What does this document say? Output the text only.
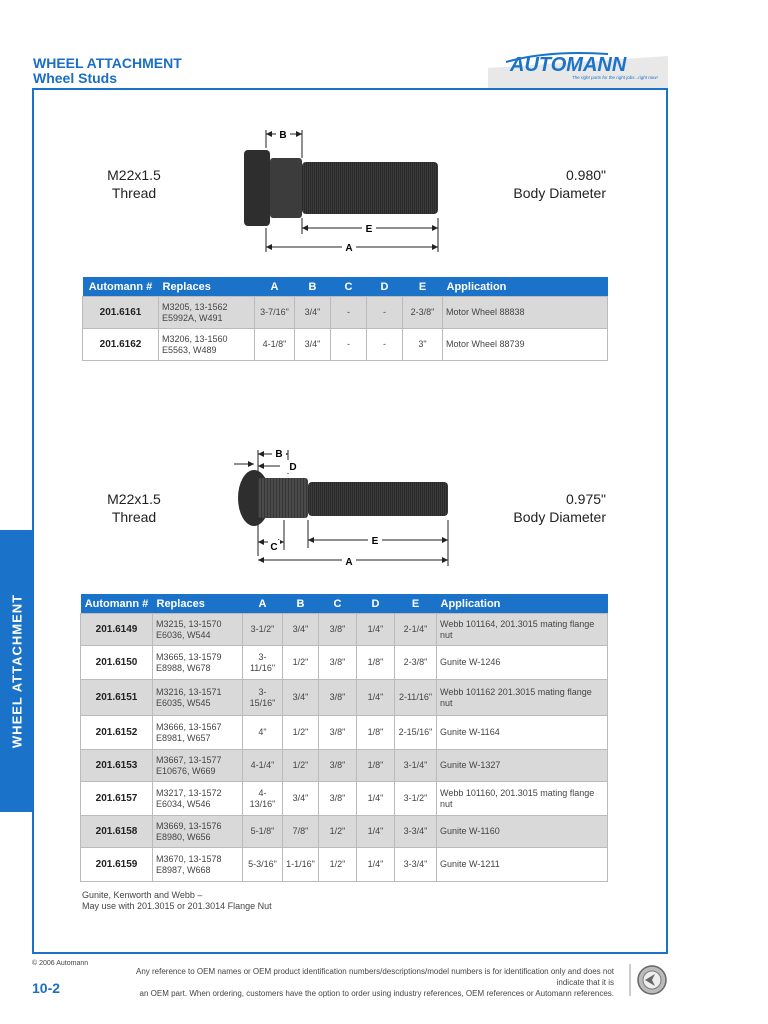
WHEEL ATTACHMENT
Wheel Studs
AUTOMANN
The right parts for the right jobs...right now!
WHEEL ATTACHMENT
M22x1.5
Thread
0.980"
Body Diameter
B
E
A
Automann #	Replaces	A	B	C	D	E	Application
201.6161	M3205, 13-1562
E5992A, W491	3-7/16"	3/4"	-	-	2-3/8"	Motor Wheel 88838
201.6162	M3206, 13-1560
E5563, W489	4-1/8"	3/4"	-	-	3"	Motor Wheel 88739
M22x1.5
Thread
0.975"
Body Diameter
B
D
C
E
A
Automann #	Replaces	A	B	C	D	E	Application
201.6149	M3215, 13-1570
E6036, W544	3-1/2"	3/4"	3/8"	1/4"	2-1/4"	Webb 101164, 201.3015 mating flange nut
201.6150	M3665, 13-1579
E8988, W678	3-11/16"	1/2"	3/8"	1/8"	2-3/8"	Gunite W-1246
201.6151	M3216, 13-1571
E6035, W545	3-15/16"	3/4"	3/8"	1/4"	2-11/16"	Webb 101162 201.3015 mating flange nut
201.6152	M3666, 13-1567
E8981, W657	4"	1/2"	3/8"	1/8"	2-15/16"	Gunite W-1164
201.6153	M3667, 13-1577
E10676, W669	4-1/4"	1/2"	3/8"	1/8"	3-1/4"	Gunite W-1327
201.6157	M3217, 13-1572
E6034, W546	4-13/16"	3/4"	3/8"	1/4"	3-1/2"	Webb 101160, 201.3015 mating flange nut
201.6158	M3669, 13-1576
E8980, W656	5-1/8"	7/8"	1/2"	1/4"	3-3/4"	Gunite W-1160
201.6159	M3670, 13-1578
E8987, W668	5-3/16"	1-1/16"	1/2"	1/4"	3-3/4"	Gunite W-1211
Gunite, Kenworth and Webb –
May use with 201.3015 or 201.3014 Flange Nut
© 2006 Automann
10-2
Any reference to OEM names or OEM product identification numbers/descriptions/model numbers is for identification only and does not indicate that it is
an OEM part. When ordering, customers have the option to order using industry references, OEM references or Automann references.
